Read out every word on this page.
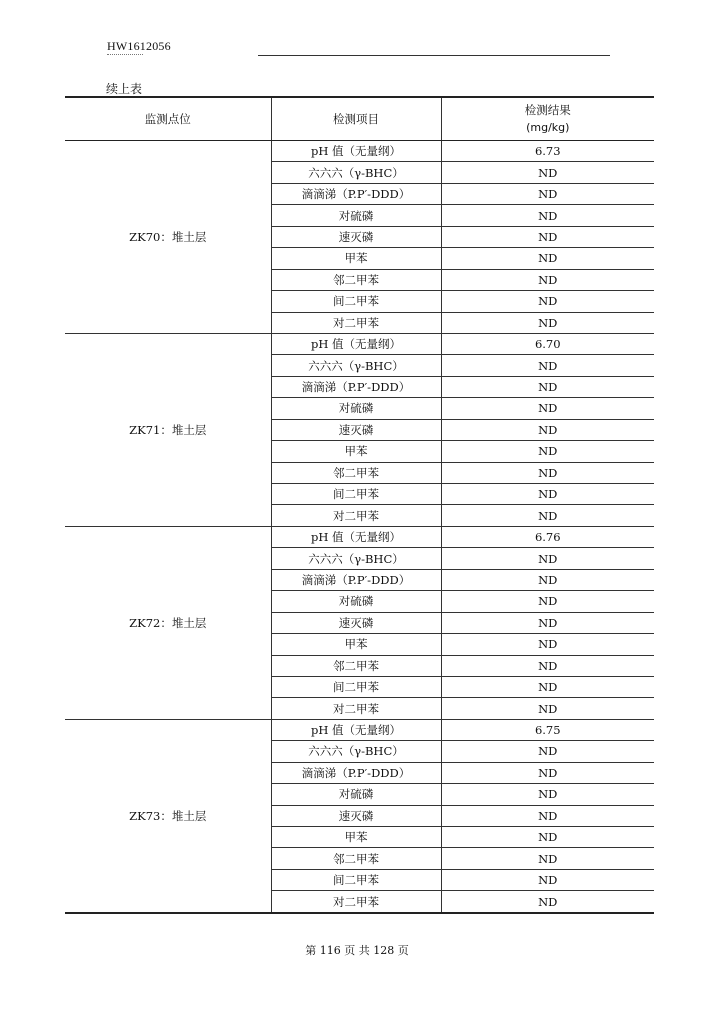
HW1612056
续上表
监测点位	检测项目	检测结果
(mg/kg)

ZK70：堆土层	pH 值（无量纲）	6.73
	六六六（γ-BHC）	ND
	滴滴涕（P.P′-DDD）	ND
	对硫磷	ND
	速灭磷	ND
	甲苯	ND
	邻二甲苯	ND
	间二甲苯	ND
	对二甲苯	ND
ZK71：堆土层	pH 值（无量纲）	6.70
	六六六（γ-BHC）	ND
	滴滴涕（P.P′-DDD）	ND
	对硫磷	ND
	速灭磷	ND
	甲苯	ND
	邻二甲苯	ND
	间二甲苯	ND
	对二甲苯	ND
ZK72：堆土层	pH 值（无量纲）	6.76
	六六六（γ-BHC）	ND
	滴滴涕（P.P′-DDD）	ND
	对硫磷	ND
	速灭磷	ND
	甲苯	ND
	邻二甲苯	ND
	间二甲苯	ND
	对二甲苯	ND
ZK73：堆土层	pH 值（无量纲）	6.75
	六六六（γ-BHC）	ND
	滴滴涕（P.P′-DDD）	ND
	对硫磷	ND
	速灭磷	ND
	甲苯	ND
	邻二甲苯	ND
	间二甲苯	ND
	对二甲苯	ND
第 116 页 共 128 页
